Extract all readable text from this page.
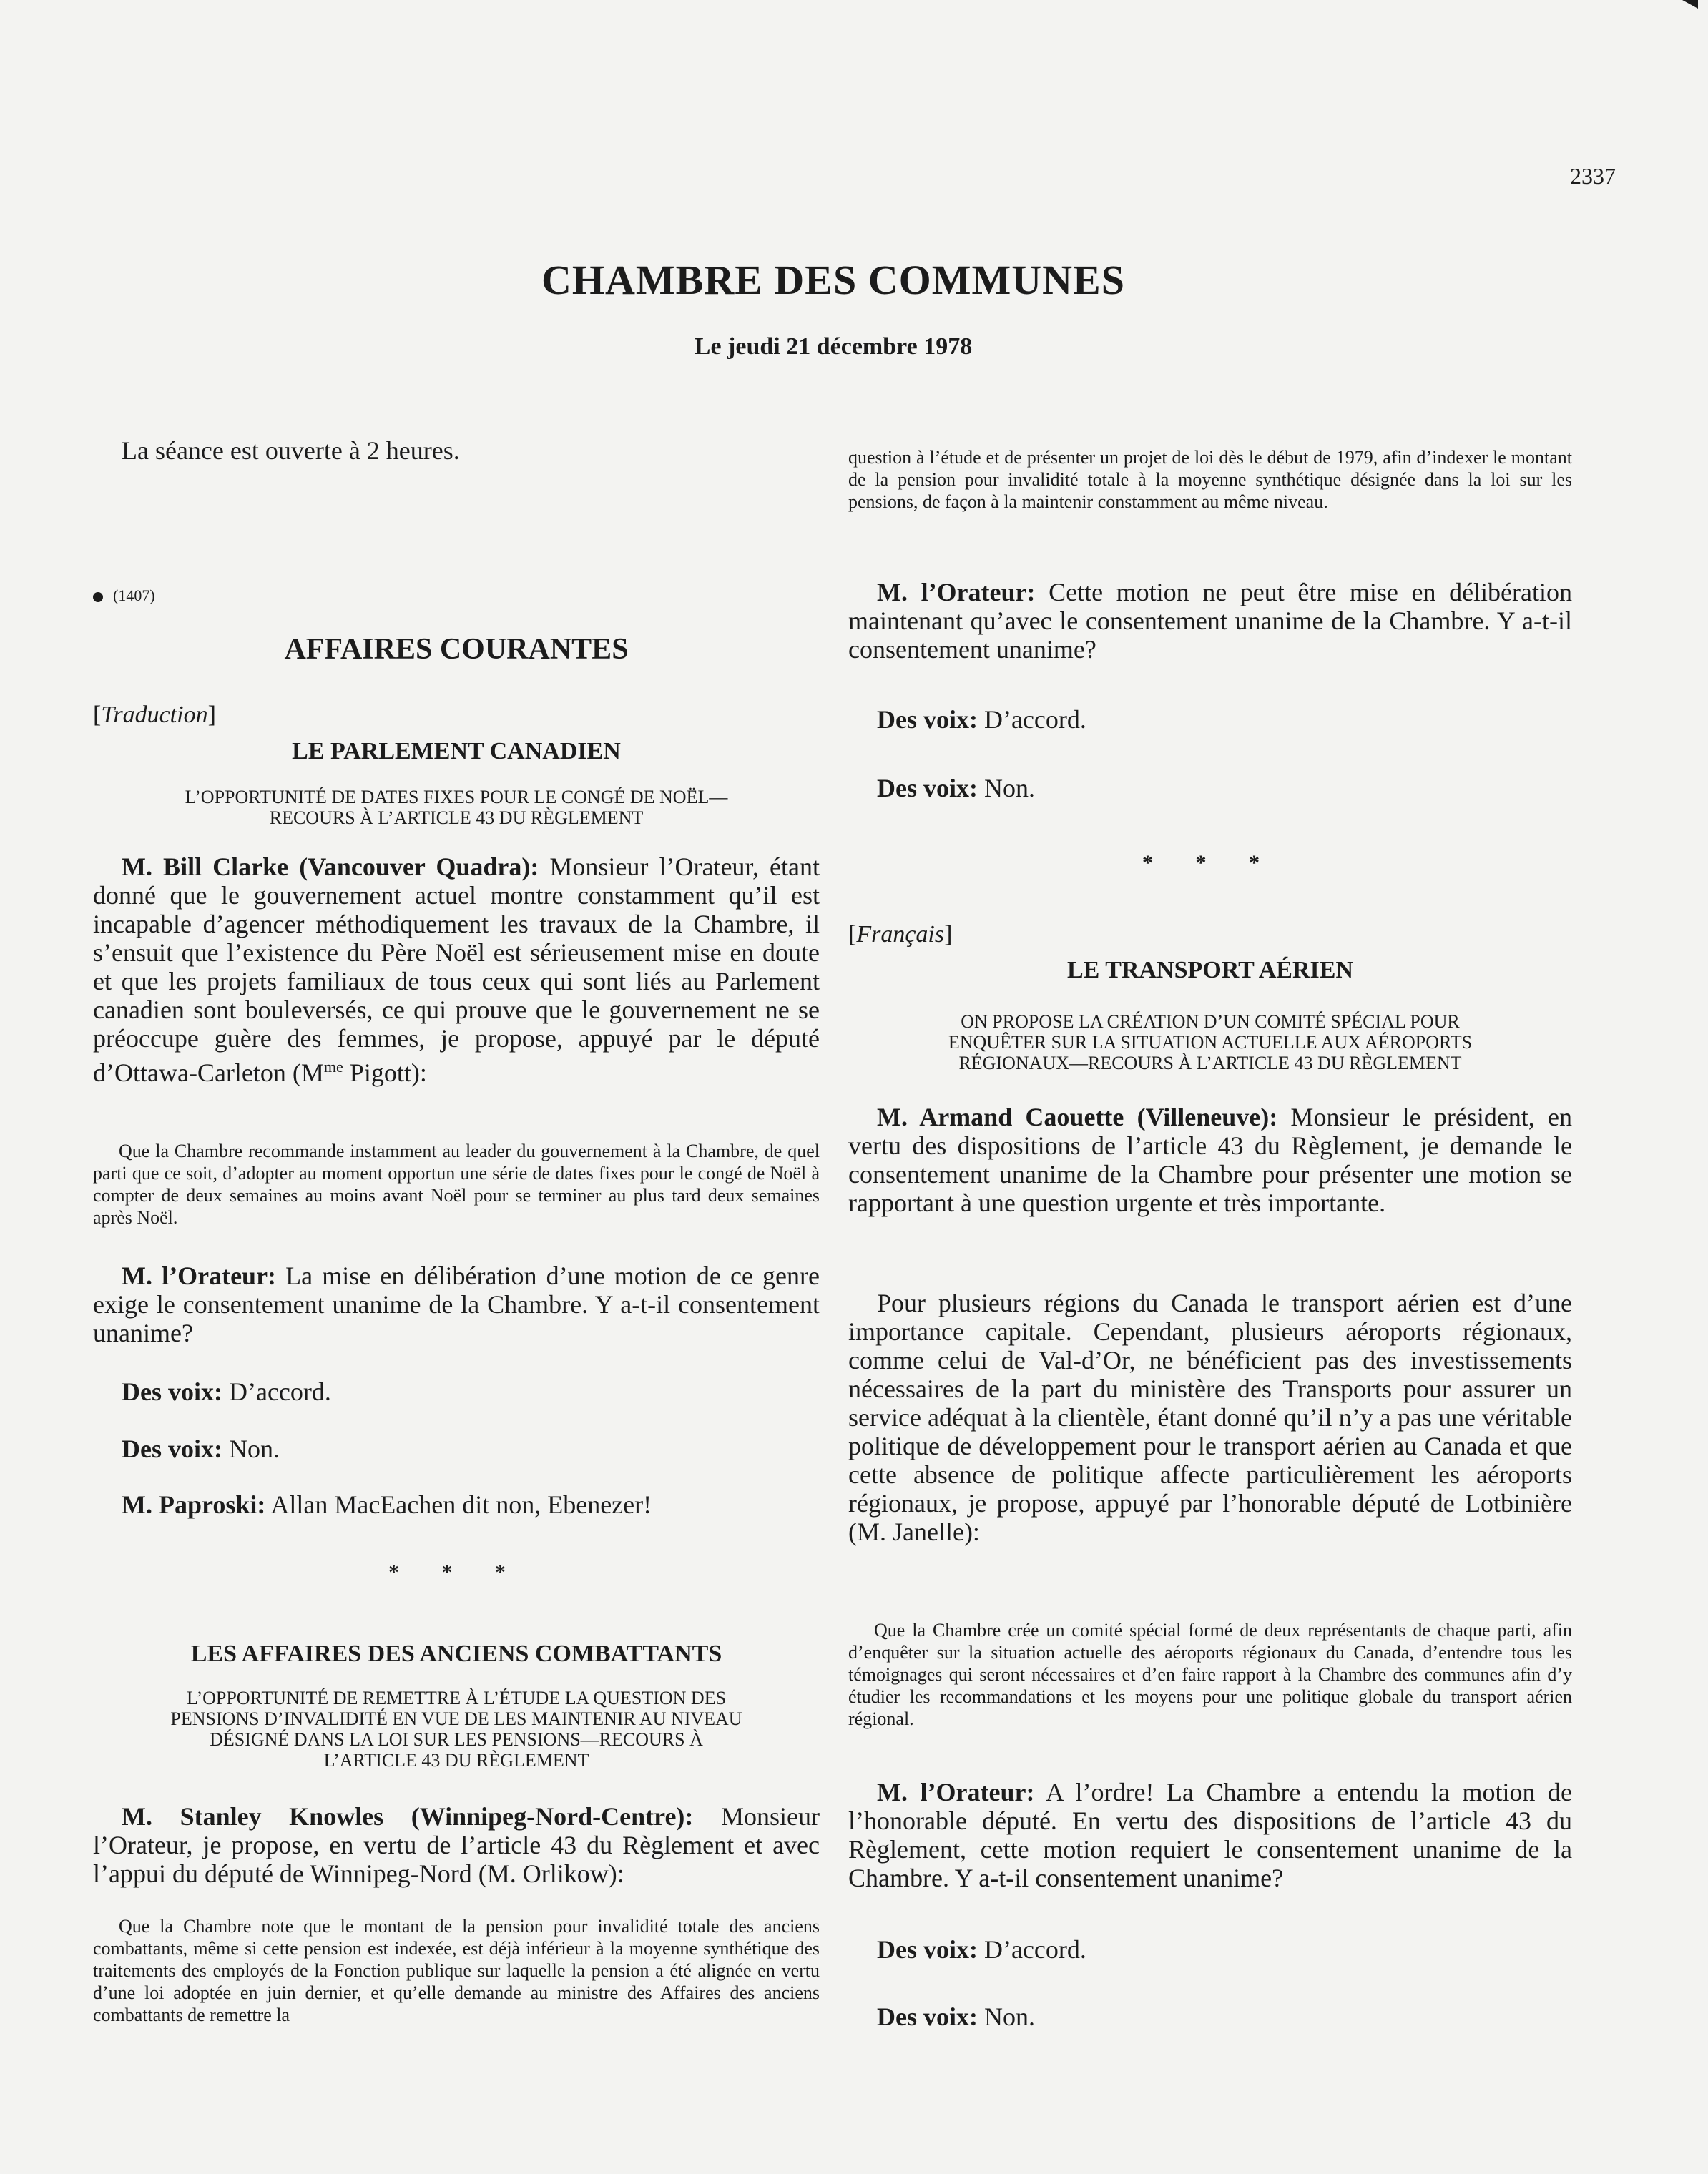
2337
CHAMBRE DES COMMUNES
Le jeudi 21 décembre 1978

La séance est ouverte à 2 heures.

(1407)
AFFAIRES COURANTES
[Traduction]
LE PARLEMENT CANADIEN
L’OPPORTUNITÉ DE DATES FIXES POUR LE CONGÉ DE NOËL—
RECOURS À L’ARTICLE 43 DU RÈGLEMENT

M. Bill Clarke (Vancouver Quadra): Monsieur l’Orateur, étant donné que le gouvernement actuel montre constamment qu’il est incapable d’agencer méthodiquement les travaux de la Chambre, il s’ensuit que l’existence du Père Noël est sérieusement mise en doute et que les projets familiaux de tous ceux qui sont liés au Parlement canadien sont bouleversés, ce qui prouve que le gouvernement ne se préoccupe guère des femmes, je propose, appuyé par le député d’Ottawa-Carleton ($M^{me}$ Pigott):

Que la Chambre recommande instamment au leader du gouvernement à la Chambre, de quel parti que ce soit, d’adopter au moment opportun une série de dates fixes pour le congé de Noël à compter de deux semaines au moins avant Noël pour se terminer au plus tard deux semaines après Noël.

M. l’Orateur: La mise en délibération d’une motion de ce genre exige le consentement unanime de la Chambre. Y a-t-il consentement unanime?

Des voix: D’accord.

Des voix: Non.

M. Paproski: Allan MacEachen dit non, Ebenezer!

* * *
LES AFFAIRES DES ANCIENS COMBATTANTS
L’OPPORTUNITÉ DE REMETTRE À L’ÉTUDE LA QUESTION DES
PENSIONS D’INVALIDITÉ EN VUE DE LES MAINTENIR AU NIVEAU
DÉSIGNÉ DANS LA LOI SUR LES PENSIONS—RECOURS À
L’ARTICLE 43 DU RÈGLEMENT

M. Stanley Knowles (Winnipeg-Nord-Centre): Monsieur l’Orateur, je propose, en vertu de l’article 43 du Règlement et avec l’appui du député de Winnipeg-Nord (M. Orlikow):

Que la Chambre note que le montant de la pension pour invalidité totale des anciens combattants, même si cette pension est indexée, est déjà inférieur à la moyenne synthétique des traitements des employés de la Fonction publique sur laquelle la pension a été alignée en vertu d’une loi adoptée en juin dernier, et qu’elle demande au ministre des Affaires des anciens combattants de remettre la

question à l’étude et de présenter un projet de loi dès le début de 1979, afin d’indexer le montant de la pension pour invalidité totale à la moyenne synthétique désignée dans la loi sur les pensions, de façon à la maintenir constamment au même niveau.

M. l’Orateur: Cette motion ne peut être mise en délibération maintenant qu’avec le consentement unanime de la Chambre. Y a-t-il consentement unanime?

Des voix: D’accord.

Des voix: Non.

* * *
[Français]
LE TRANSPORT AÉRIEN
ON PROPOSE LA CRÉATION D’UN COMITÉ SPÉCIAL POUR
ENQUÊTER SUR LA SITUATION ACTUELLE AUX AÉROPORTS
RÉGIONAUX—RECOURS À L’ARTICLE 43 DU RÈGLEMENT

M. Armand Caouette (Villeneuve): Monsieur le président, en vertu des dispositions de l’article 43 du Règlement, je demande le consentement unanime de la Chambre pour présenter une motion se rapportant à une question urgente et très importante.

Pour plusieurs régions du Canada le transport aérien est d’une importance capitale. Cependant, plusieurs aéroports régionaux, comme celui de Val-d’Or, ne bénéficient pas des investissements nécessaires de la part du ministère des Transports pour assurer un service adéquat à la clientèle, étant donné qu’il n’y a pas une véritable politique de développement pour le transport aérien au Canada et que cette absence de politique affecte particulièrement les aéroports régionaux, je propose, appuyé par l’honorable député de Lotbinière (M. Janelle):

Que la Chambre crée un comité spécial formé de deux représentants de chaque parti, afin d’enquêter sur la situation actuelle des aéroports régionaux du Canada, d’entendre tous les témoignages qui seront nécessaires et d’en faire rapport à la Chambre des communes afin d’y étudier les recommandations et les moyens pour une politique globale du transport aérien régional.

M. l’Orateur: A l’ordre! La Chambre a entendu la motion de l’honorable député. En vertu des dispositions de l’article 43 du Règlement, cette motion requiert le consentement unanime de la Chambre. Y a-t-il consentement unanime?

Des voix: D’accord.

Des voix: Non.
